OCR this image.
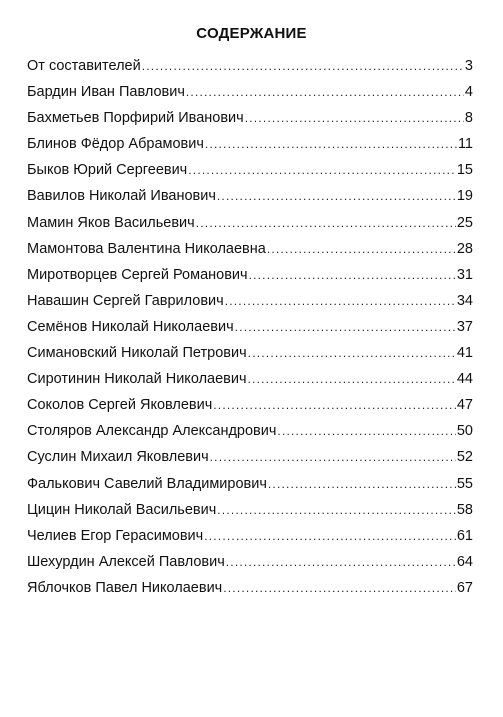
СОДЕРЖАНИЕ
От составителей .....	3
Бардин Иван Павлович .....	4
Бахметьев Порфирий Иванович .....	8
Блинов Фёдор Абрамович .....	11
Быков Юрий Сергеевич .....	15
Вавилов Николай Иванович .....	19
Мамин Яков Васильевич .....	25
Мамонтова Валентина Николаевна .....	28
Миротворцев Сергей Романович .....	31
Навашин Сергей Гаврилович .....	34
Семёнов Николай Николаевич .....	37
Симановский Николай Петрович .....	41
Сиротинин Николай Николаевич .....	44
Соколов Сергей Яковлевич .....	47
Столяров Александр Александрович .....	50
Суслин Михаил Яковлевич .....	52
Фалькович Савелий Владимирович .....	55
Цицин Николай Васильевич .....	58
Челиев Егор Герасимович .....	61
Шехурдин Алексей Павлович .....	64
Яблочков Павел Николаевич .....	67
